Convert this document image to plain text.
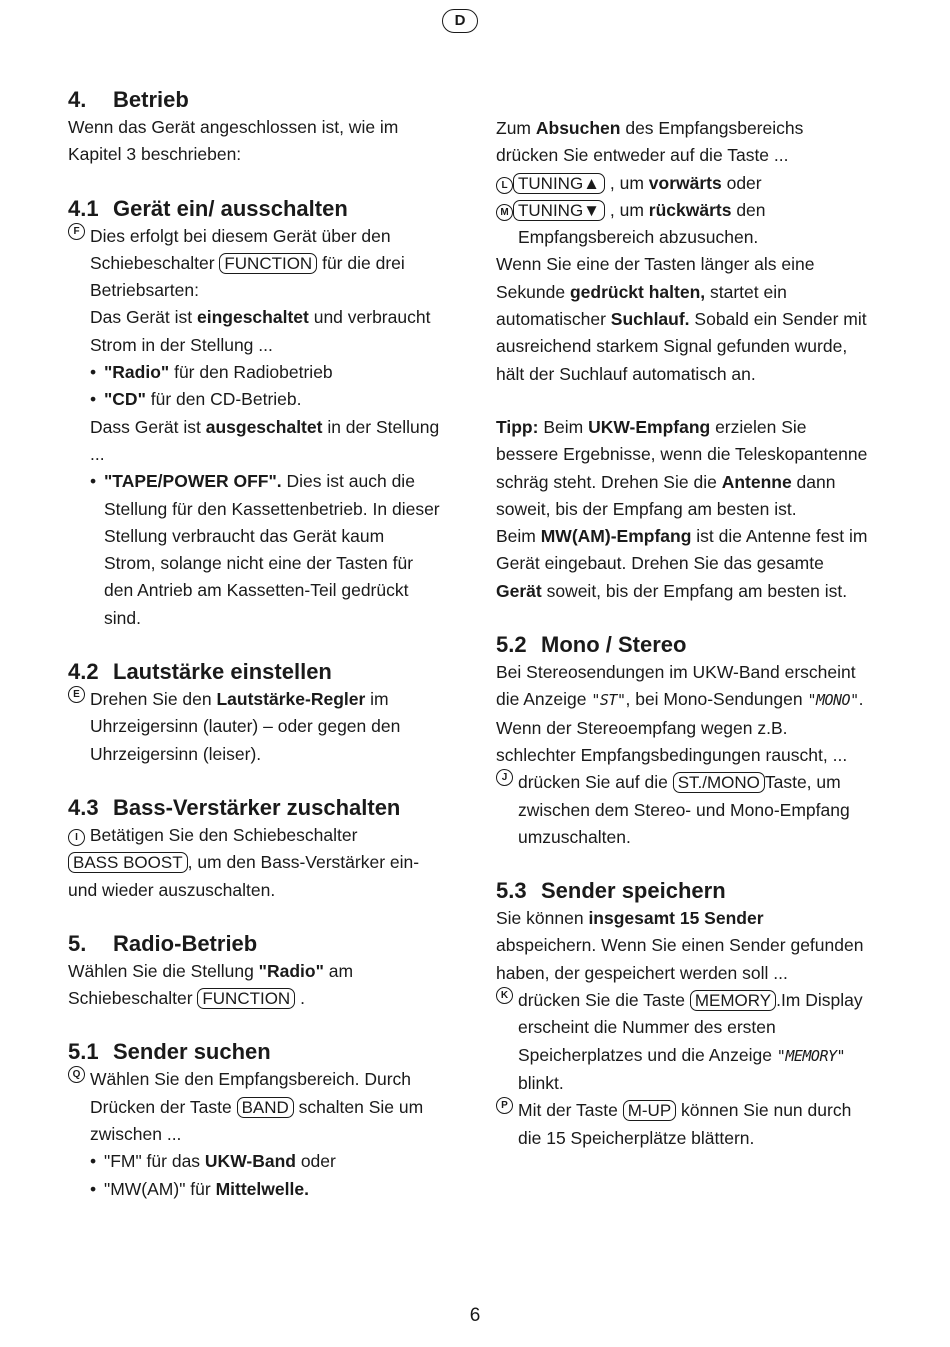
D
4. Betrieb

Wenn das Gerät angeschlossen ist, wie im Kapitel 3 beschrieben:

4.1 Gerät ein/ ausschalten
F Dies erfolgt bei diesem Gerät über den Schiebeschalter FUNCTION für die drei Betriebsarten:

Das Gerät ist eingeschaltet und verbraucht Strom in der Stellung ...

• "Radio" für den Radiobetrieb
• "CD" für den CD-Betrieb.

Dass Gerät ist ausgeschaltet in der Stellung ...

• "TAPE/POWER OFF". Dies ist auch die Stellung für den Kassettenbetrieb. In dieser Stellung verbraucht das Gerät kaum Strom, solange nicht eine der Tasten für den Antrieb am Kassetten-Teil gedrückt sind.
4.2 Lautstärke einstellen
E Drehen Sie den Lautstärke-Regler im Uhrzeigersinn (lauter) – oder gegen den Uhrzeigersinn (leiser).
4.3 Bass-Verstärker zuschalten

I Betätigen Sie den Schiebeschalter
BASS BOOST , um den Bass-Verstärker ein- und wieder auszuschalten.

5. Radio-Betrieb

Wählen Sie die Stellung "Radio" am Schiebeschalter FUNCTION .

5.1 Sender suchen
Q Wählen Sie den Empfangsbereich. Durch Drücken der Taste BAND schalten Sie um zwischen ...
• "FM" für das UKW-Band oder
• "MW(AM)" für Mittelwelle.

Zum Absuchen des Empfangsbereichs drücken Sie entweder auf die Taste ...

L TUNING▲ , um vorwärts oder

M TUNING▼ , um rückwärts den

Empfangsbereich abzusuchen.

Wenn Sie eine der Tasten länger als eine Sekunde gedrückt halten, startet ein automatischer Suchlauf. Sobald ein Sender mit ausreichend starkem Signal gefunden wurde, hält der Suchlauf automatisch an.

Tipp: Beim UKW-Empfang erzielen Sie bessere Ergebnisse, wenn die Teleskopantenne schräg steht. Drehen Sie die Antenne dann soweit, bis der Empfang am besten ist.

Beim MW(AM)-Empfang ist die Antenne fest im Gerät eingebaut. Drehen Sie das gesamte Gerät soweit, bis der Empfang am besten ist.

5.2 Mono / Stereo

Bei Stereosendungen im UKW-Band erscheint die Anzeige "ST", bei Mono-Sendungen "MONO". Wenn der Stereoempfang wegen z.B. schlechter Empfangsbedingungen rauscht, ...

J drücken Sie auf die ST./MONO Taste, um zwischen dem Stereo- und Mono-Empfang umzuschalten.
5.3 Sender speichern

Sie können insgesamt 15 Sender abspeichern. Wenn Sie einen Sender gefunden haben, der gespeichert werden soll ...

K drücken Sie die Taste MEMORY .Im Display erscheint die Nummer des ersten Speicherplatzes und die Anzeige "MEMORY" blinkt.
P Mit der Taste M-UP können Sie nun durch die 15 Speicherplätze blättern.
6
